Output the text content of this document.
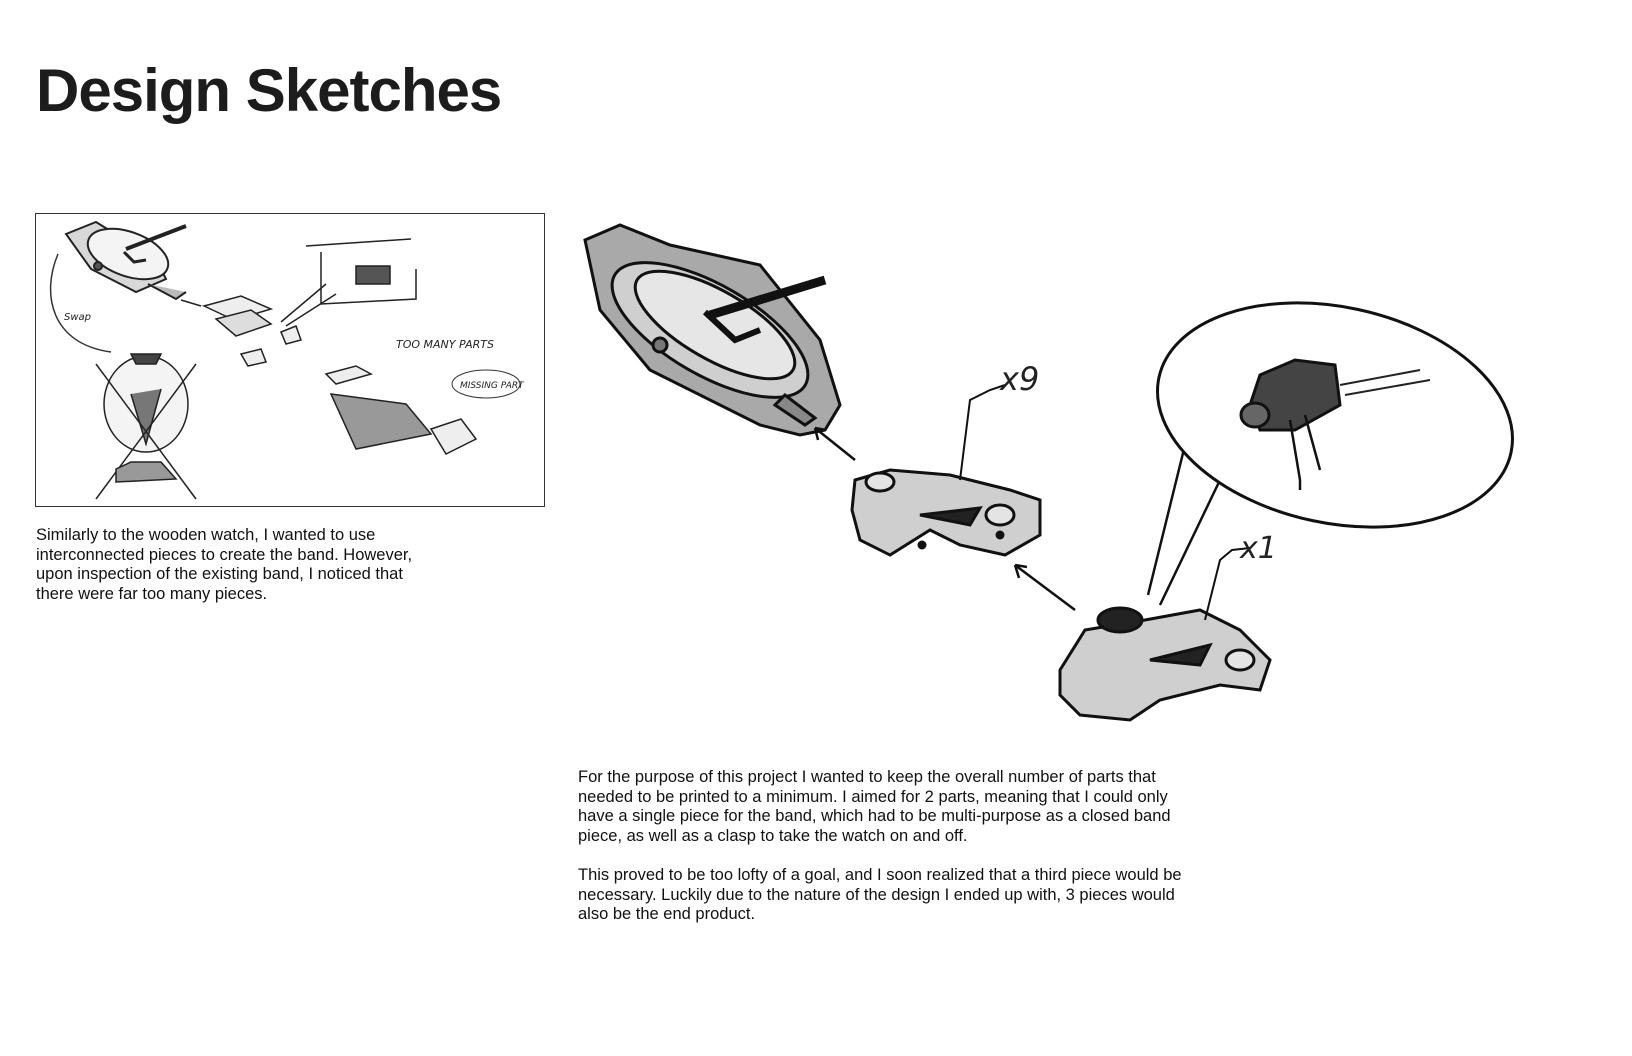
Design Sketches
Swap
TOO MANY PARTS
MISSING PART

Similarly to the wooden watch, I wanted to use interconnected pieces to create the band. However, upon inspection of the existing band, I noticed that there were far too many pieces.

x9
x1

For the purpose of this project I wanted to keep the overall number of parts that needed to be printed to a minimum. I aimed for 2 parts, meaning that I could only have a single piece for the band, which had to be multi-purpose as a closed band piece, as well as a clasp to take the watch on and off.

This proved to be too lofty of a goal, and I soon realized that a third piece would be necessary. Luckily due to the nature of the design I ended up with, 3 pieces would also be the end product.
